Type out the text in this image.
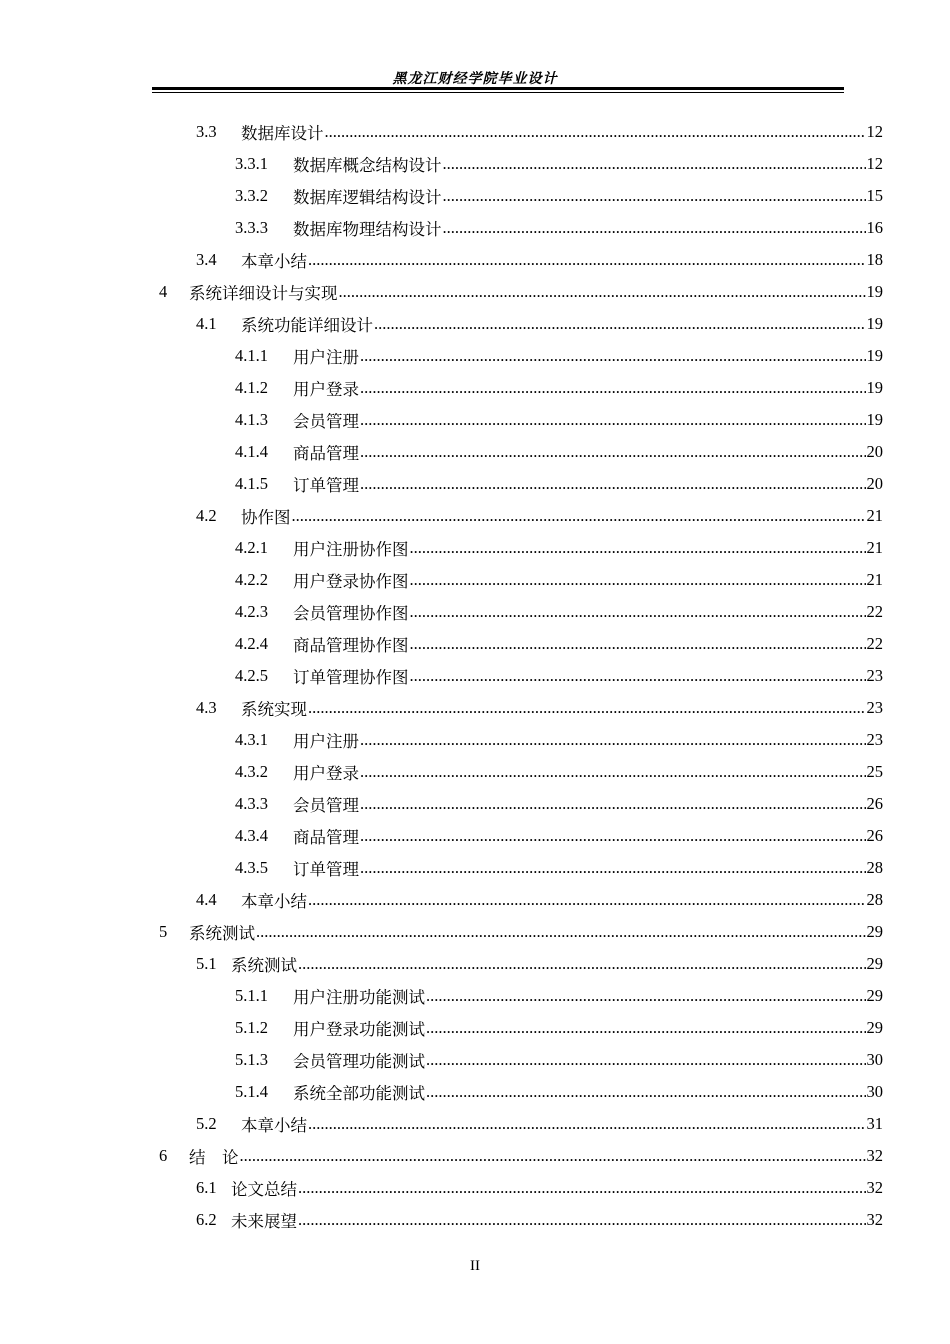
黑龙江财经学院毕业设计
3.3	数据库设计 .....	12
3.3.1	数据库概念结构设计 .....	12
3.3.2	数据库逻辑结构设计 .....	15
3.3.3	数据库物理结构设计 .....	16
3.4	本章小结 .....	18
4	系统详细设计与实现 .....	19
4.1	系统功能详细设计 .....	19
4.1.1	用户注册 .....	19
4.1.2	用户登录 .....	19
4.1.3	会员管理 .....	19
4.1.4	商品管理 .....	20
4.1.5	订单管理 .....	20
4.2	协作图 .....	21
4.2.1	用户注册协作图 .....	21
4.2.2	用户登录协作图 .....	21
4.2.3	会员管理协作图 .....	22
4.2.4	商品管理协作图 .....	22
4.2.5	订单管理协作图 .....	23
4.3	系统实现 .....	23
4.3.1	用户注册 .....	23
4.3.2	用户登录 .....	25
4.3.3	会员管理 .....	26
4.3.4	商品管理 .....	26
4.3.5	订单管理 .....	28
4.4	本章小结 .....	28
5	系统测试 .....	29
5.1 系统测试 .....	29
5.1.1	用户注册功能测试 .....	29
5.1.2	用户登录功能测试 .....	29
5.1.3	会员管理功能测试 .....	30
5.1.4	系统全部功能测试 .....	30
5.2	本章小结 .....	31
6	结　论 .....	32
6.1 论文总结 .....	32
6.2 未来展望 .....	32
II
